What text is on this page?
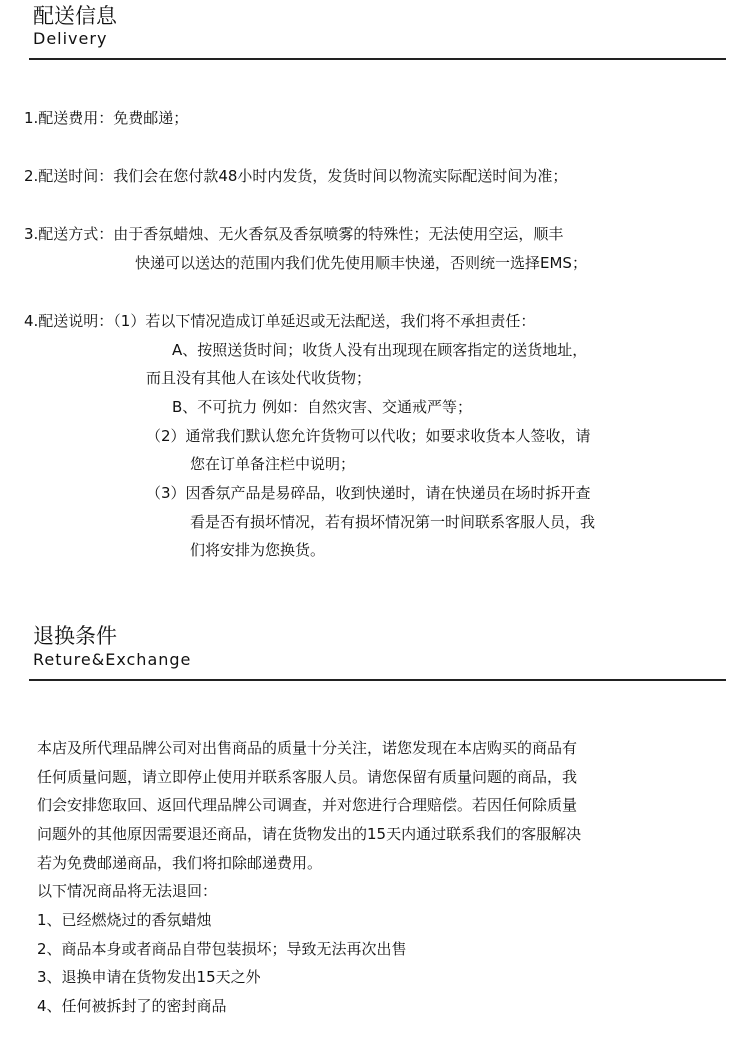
配送信息
Delivery
1.配送费用：免费邮递；
2.配送时间：我们会在您付款48小时内发货，发货时间以物流实际配送时间为准；
3.配送方式：由于香氛蜡烛、无火香氛及香氛喷雾的特殊性；无法使用空运，顺丰
快递可以送达的范围内我们优先使用顺丰快递，否则统一选择EMS；
4.配送说明：（1）若以下情况造成订单延迟或无法配送，我们将不承担责任：
A、按照送货时间；收货人没有出现现在顾客指定的送货地址，
而且没有其他人在该处代收货物；
B、不可抗力 例如：自然灾害、交通戒严等；
（2）通常我们默认您允许货物可以代收；如要求收货本人签收，请
您在订单备注栏中说明；
（3）因香氛产品是易碎品，收到快递时，请在快递员在场时拆开查
看是否有损坏情况，若有损坏情况第一时间联系客服人员，我
们将安排为您换货。
退换条件
Reture&Exchange
本店及所代理品牌公司对出售商品的质量十分关注，诺您发现在本店购买的商品有
任何质量问题，请立即停止使用并联系客服人员。请您保留有质量问题的商品，我
们会安排您取回、返回代理品牌公司调查，并对您进行合理赔偿。若因任何除质量
问题外的其他原因需要退还商品，请在货物发出的15天内通过联系我们的客服解决
若为免费邮递商品，我们将扣除邮递费用。
以下情况商品将无法退回：
1、已经燃烧过的香氛蜡烛
2、商品本身或者商品自带包装损坏；导致无法再次出售
3、退换申请在货物发出15天之外
4、任何被拆封了的密封商品
